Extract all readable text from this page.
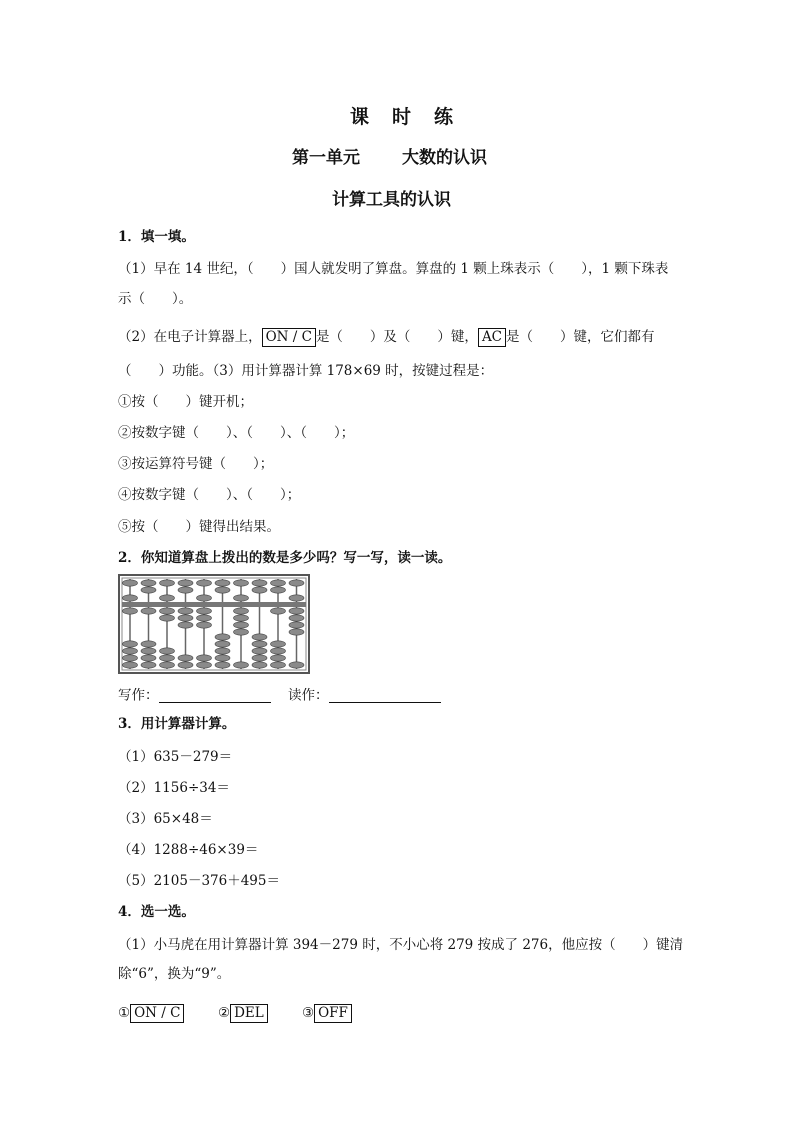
课　时　练
第一单元 大数的认识
计算工具的认识
1．填一填。
（1）早在 14 世纪，（　　）国人就发明了算盘。算盘的 1 颗上珠表示（　　），1 颗下珠表
示（　　）。
（2）在电子计算器上， ON / C 是（　　）及（　　）键， AC 是（　　）键，它们都有
（　　）功能。（3）用计算器计算 178×69 时，按键过程是：
①按（　　）键开机；
②按数字键（　　）、（　　）、（　　）；
③按运算符号键（　　）；
④按数字键（　　）、（　　）；
⑤按（　　）键得出结果。
2．你知道算盘上拨出的数是多少吗？写一写，读一读。
写作：	读作：
3．用计算器计算。
（1）635－279＝
（2）1156÷34＝
（3）65×48＝
（4）1288÷46×39＝
（5）2105－376＋495＝
4．选一选。
（1）小马虎在用计算器计算 394－279 时，不小心将 279 按成了 276，他应按（　　）键清
除“6”，换为“9”。
① ON / C	② DEL	③ OFF
